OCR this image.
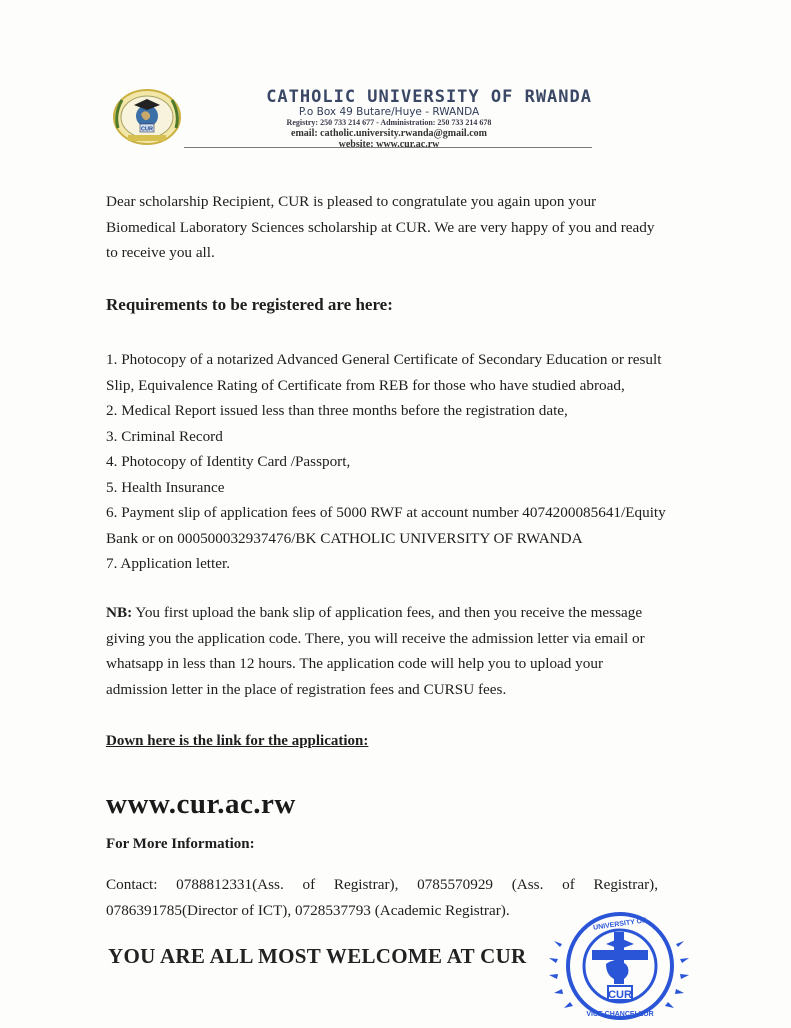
CUR
CATHOLIC UNIVERSITY OF RWANDA
P.o Box 49 Butare/Huye - RWANDA
Registry: 250 733 214 677 - Administration: 250 733 214 678
email: catholic.university.rwanda@gmail.com
website: www.cur.ac.rw
Dear scholarship Recipient, CUR is pleased to congratulate you again upon your Biomedical Laboratory Sciences scholarship at CUR. We are very happy of you and ready to receive you all.
Requirements to be registered are here:
1. Photocopy of a notarized Advanced General Certificate of Secondary Education or result
Slip, Equivalence Rating of Certificate from REB for those who have studied abroad,
2. Medical Report issued less than three months before the registration date,
3. Criminal Record
4. Photocopy of Identity Card /Passport,
5. Health Insurance
6. Payment slip of application fees of 5000 RWF at account number 4074200085641/Equity
Bank or on 000500032937476/BK CATHOLIC UNIVERSITY OF RWANDA
7. Application letter.
NB: You first upload the bank slip of application fees, and then you receive the message giving you the application code. There, you will receive the admission letter via email or whatsapp in less than 12 hours. The application code will help you to upload your admission letter in the place of registration fees and CURSU fees.
Down here is the link for the application:
www.cur.ac.rw
For More Information:
Contact: 0788812331(Ass. of Registrar), 0785570929 (Ass. of Registrar),
0786391785(Director of ICT), 0728537793 (Academic Registrar).
YOU ARE ALL MOST WELCOME AT CUR
CUR
UNIVERSITY OF
VICE CHANCELLOR
